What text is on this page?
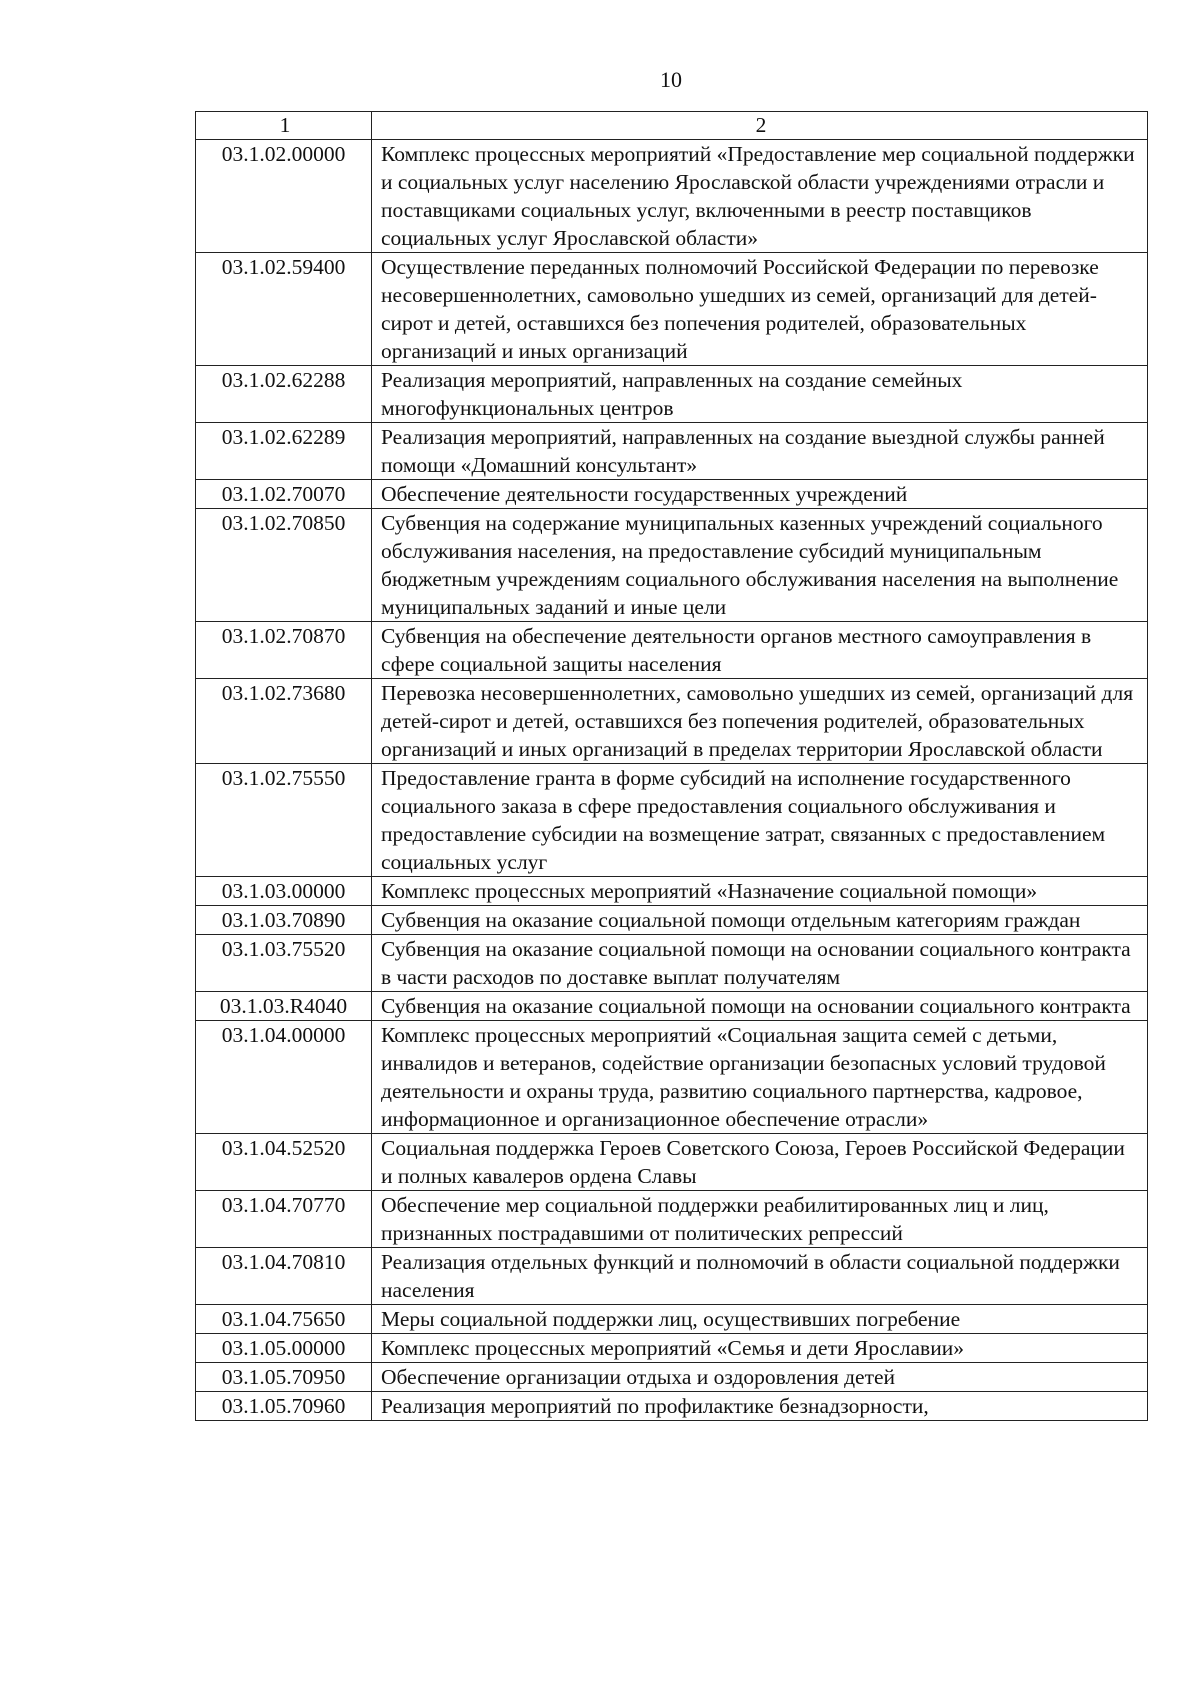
10
1	2
03.1.02.00000	Комплекс процессных мероприятий «Предоставление мер социальной поддержки и социальных услуг населению Ярославской области учреждениями отрасли и поставщиками социальных услуг, включенными в реестр поставщиков социальных услуг Ярославской области»
03.1.02.59400	Осуществление переданных полномочий Российской Федерации по перевозке несовершеннолетних, самовольно ушедших из семей, организаций для детей-сирот и детей, оставшихся без попечения родителей, образовательных организаций и иных организаций
03.1.02.62288	Реализация мероприятий, направленных на создание семейных многофункциональных центров
03.1.02.62289	Реализация мероприятий, направленных на создание выездной службы ранней помощи «Домашний консультант»
03.1.02.70070	Обеспечение деятельности государственных учреждений
03.1.02.70850	Субвенция на содержание муниципальных казенных учреждений социального обслуживания населения, на предоставление субсидий муниципальным бюджетным учреждениям социального обслуживания населения на выполнение муниципальных заданий и иные цели
03.1.02.70870	Субвенция на обеспечение деятельности органов местного самоуправления в сфере социальной защиты населения
03.1.02.73680	Перевозка несовершеннолетних, самовольно ушедших из семей, организаций для детей-сирот и детей, оставшихся без попечения родителей, образовательных организаций и иных организаций в пределах территории Ярославской области
03.1.02.75550	Предоставление гранта в форме субсидий на исполнение государственного социального заказа в сфере предоставления социального обслуживания и предоставление субсидии на возмещение затрат, связанных с предоставлением социальных услуг
03.1.03.00000	Комплекс процессных мероприятий «Назначение социальной помощи»
03.1.03.70890	Субвенция на оказание социальной помощи отдельным категориям граждан
03.1.03.75520	Субвенция на оказание социальной помощи на основании социального контракта в части расходов по доставке выплат получателям
03.1.03.R4040	Субвенция на оказание социальной помощи на основании социального контракта
03.1.04.00000	Комплекс процессных мероприятий «Социальная защита семей с детьми, инвалидов и ветеранов, содействие организации безопасных условий трудовой деятельности и охраны труда, развитию социального партнерства, кадровое, информационное и организационное обеспечение отрасли»
03.1.04.52520	Социальная поддержка Героев Советского Союза, Героев Российской Федерации и полных кавалеров ордена Славы
03.1.04.70770	Обеспечение мер социальной поддержки реабилитированных лиц и лиц, признанных пострадавшими от политических репрессий
03.1.04.70810	Реализация отдельных функций и полномочий в области социальной поддержки населения
03.1.04.75650	Меры социальной поддержки лиц, осуществивших погребение
03.1.05.00000	Комплекс процессных мероприятий «Семья и дети Ярославии»
03.1.05.70950	Обеспечение организации отдыха и оздоровления детей
03.1.05.70960	Реализация мероприятий по профилактике безнадзорности,
